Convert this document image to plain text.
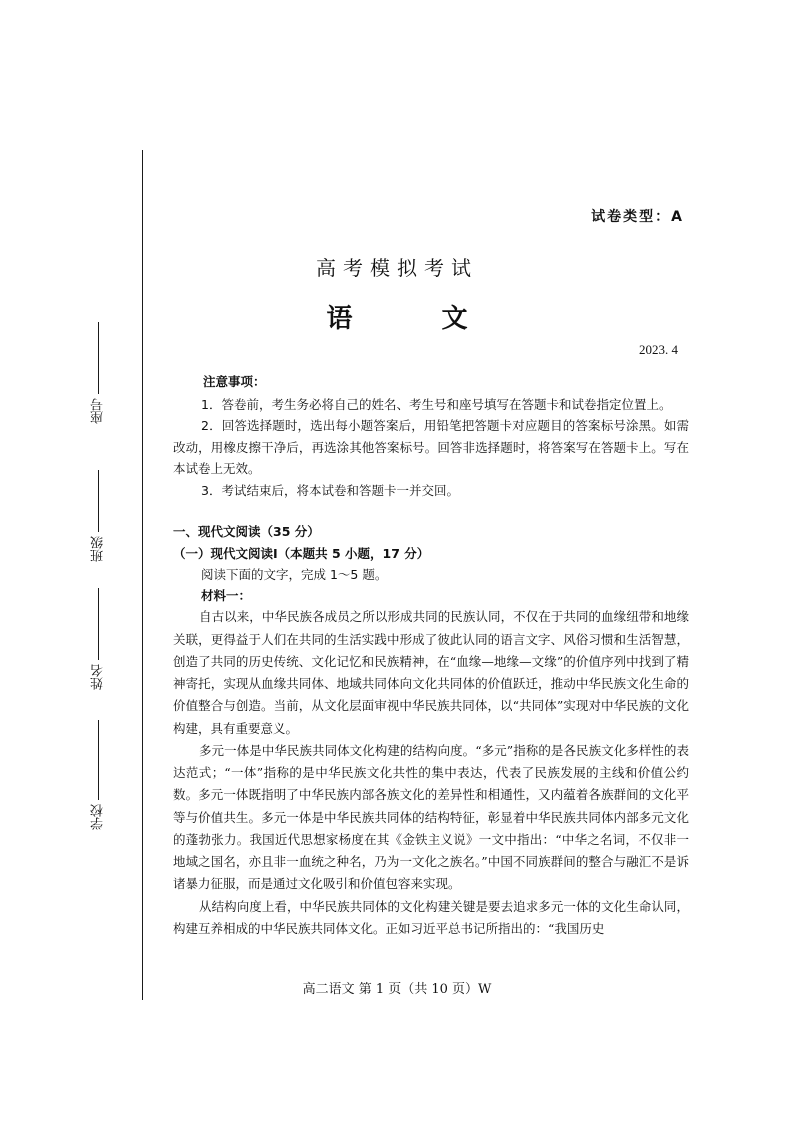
座号
班级
姓名
学校
试卷类型：A
高考模拟考试
语 文
2023. 4
注意事项：
1．答卷前，考生务必将自己的姓名、考生号和座号填写在答题卡和试卷指定位置上。
2．回答选择题时，选出每小题答案后，用铅笔把答题卡对应题目的答案标号涂黑。如需改动，用橡皮擦干净后，再选涂其他答案标号。回答非选择题时，将答案写在答题卡上。写在本试卷上无效。
3．考试结束后，将本试卷和答题卡一并交回。
一、现代文阅读（35 分）
（一）现代文阅读Ⅰ（本题共 5 小题，17 分）
阅读下面的文字，完成 1～5 题。
材料一：

自古以来，中华民族各成员之所以形成共同的民族认同，不仅在于共同的血缘纽带和地缘关联，更得益于人们在共同的生活实践中形成了彼此认同的语言文字、风俗习惯和生活智慧，创造了共同的历史传统、文化记忆和民族精神，在“血缘—地缘—文缘”的价值序列中找到了精神寄托，实现从血缘共同体、地域共同体向文化共同体的价值跃迁，推动中华民族文化生命的价值整合与创造。当前，从文化层面审视中华民族共同体，以“共同体”实现对中华民族的文化构建，具有重要意义。

多元一体是中华民族共同体文化构建的结构向度。“多元”指称的是各民族文化多样性的表达范式；“一体”指称的是中华民族文化共性的集中表达，代表了民族发展的主线和价值公约数。多元一体既指明了中华民族内部各族文化的差异性和相通性，又内蕴着各族群间的文化平等与价值共生。多元一体是中华民族共同体的结构特征，彰显着中华民族共同体内部多元文化的蓬勃张力。我国近代思想家杨度在其《金铁主义说》一文中指出：“中华之名词，不仅非一地域之国名，亦且非一血统之种名，乃为一文化之族名。”中国不同族群间的整合与融汇不是诉诸暴力征服，而是通过文化吸引和价值包容来实现。

从结构向度上看，中华民族共同体的文化构建关键是要去追求多元一体的文化生命认同，构建互养相成的中华民族共同体文化。正如习近平总书记所指出的：“我国历史

高二语文 第 1 页（共 10 页）W
